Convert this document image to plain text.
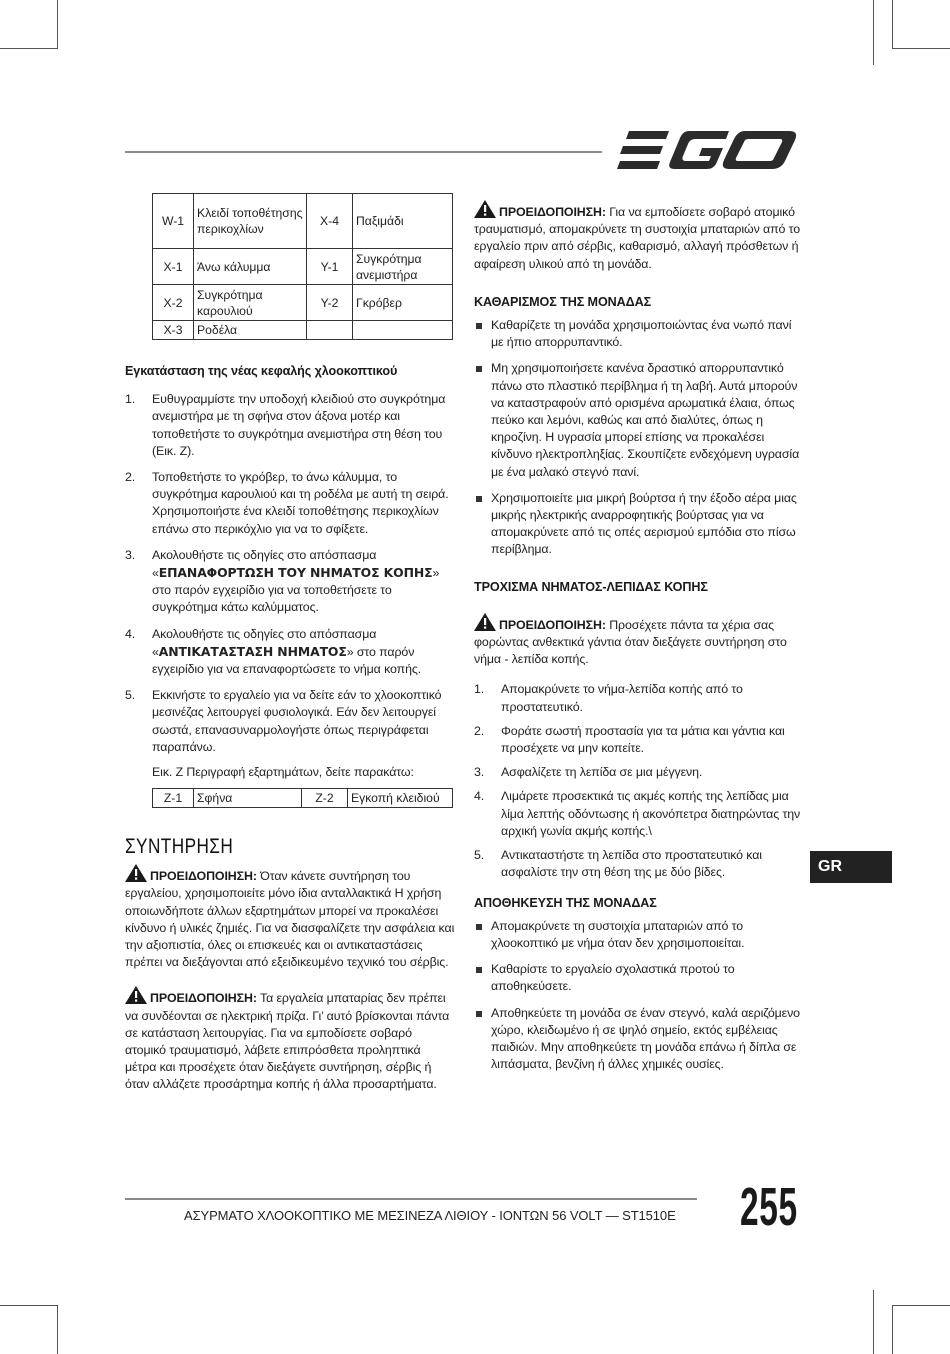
W-1	Κλειδί τοποθέτησης περικοχλίων	X-4	Παξιμάδι
X-1	Άνω κάλυμμα	Y-1	Συγκρότημα ανεμιστήρα
X-2	Συγκρότημα καρουλιού	Y-2	Γκρόβερ
X-3	Ροδέλα		

Εγκατάσταση της νέας κεφαλής χλοοκοπτικού

1. Ευθυγραμμίστε την υποδοχή κλειδιού στο συγκρότημα ανεμιστήρα με τη σφήνα στον άξονα μοτέρ και τοποθετήστε το συγκρότημα ανεμιστήρα στη θέση του (Εικ. Z).
2. Τοποθετήστε το γκρόβερ, το άνω κάλυμμα, το συγκρότημα καρουλιού και τη ροδέλα με αυτή τη σειρά. Χρησιμοποιήστε ένα κλειδί τοποθέτησης περικοχλίων επάνω στο περικόχλιο για να το σφίξετε.
3. Ακολουθήστε τις οδηγίες στο απόσπασμα «ΕΠΑΝΑΦΟΡΤΩΣΗ ΤΟΥ ΝΗΜΑΤΟΣ ΚΟΠΗΣ» στο παρόν εγχειρίδιο για να τοποθετήσετε το συγκρότημα κάτω καλύμματος.
4. Ακολουθήστε τις οδηγίες στο απόσπασμα «ΑΝΤΙΚΑΤΑΣΤΑΣΗ ΝΗΜΑΤΟΣ» στο παρόν εγχειρίδιο για να επαναφορτώσετε το νήμα κοπής.
5. Εκκινήστε το εργαλείο για να δείτε εάν το χλοοκοπτικό μεσινέζας λειτουργεί φυσιολογικά. Εάν δεν λειτουργεί σωστά, επανασυναρμολογήστε όπως περιγράφεται παραπάνω.

Εικ. Z Περιγραφή εξαρτημάτων, δείτε παρακάτω:

Z-1	Σφήνα	Z-2	Εγκοπή κλειδιού

ΣΥΝΤΗΡΗΣΗ

ΠΡΟΕΙΔΟΠΟΙΗΣΗ: Όταν κάνετε συντήρηση του εργαλείου, χρησιμοποιείτε μόνο ίδια ανταλλακτικά Η χρήση οποιωνδήποτε άλλων εξαρτημάτων μπορεί να προκαλέσει κίνδυνο ή υλικές ζημιές. Για να διασφαλίζετε την ασφάλεια και την αξιοπιστία, όλες οι επισκευές και οι αντικαταστάσεις πρέπει να διεξάγονται από εξειδικευμένο τεχνικό του σέρβις.

ΠΡΟΕΙΔΟΠΟΙΗΣΗ: Τα εργαλεία μπαταρίας δεν πρέπει να συνδέονται σε ηλεκτρική πρίζα. Γι’ αυτό βρίσκονται πάντα σε κατάσταση λειτουργίας. Για να εμποδίσετε σοβαρό ατομικό τραυματισμό, λάβετε επιπρόσθετα προληπτικά μέτρα και προσέχετε όταν διεξάγετε συντήρηση, σέρβις ή όταν αλλάζετε προσάρτημα κοπής ή άλλα προσαρτήματα.

ΠΡΟΕΙΔΟΠΟΙΗΣΗ: Για να εμποδίσετε σοβαρό ατομικό τραυματισμό, απομακρύνετε τη συστοιχία μπαταριών από το εργαλείο πριν από σέρβις, καθαρισμό, αλλαγή πρόσθετων ή αφαίρεση υλικού από τη μονάδα.

ΚΑΘΑΡΙΣΜΟΣ ΤΗΣ ΜΟΝΑΔΑΣ

Καθαρίζετε τη μονάδα χρησιμοποιώντας ένα νωπό πανί με ήπιο απορρυπαντικό.
Μη χρησιμοποιήσετε κανένα δραστικό απορρυπαντικό πάνω στο πλαστικό περίβλημα ή τη λαβή. Αυτά μπορούν να καταστραφούν από ορισμένα αρωματικά έλαια, όπως πεύκο και λεμόνι, καθώς και από διαλύτες, όπως η κηροζίνη. Η υγρασία μπορεί επίσης να προκαλέσει κίνδυνο ηλεκτροπληξίας. Σκουπίζετε ενδεχόμενη υγρασία με ένα μαλακό στεγνό πανί.
Χρησιμοποιείτε μια μικρή βούρτσα ή την έξοδο αέρα μιας μικρής ηλεκτρικής αναρροφητικής βούρτσας για να απομακρύνετε από τις οπές αερισμού εμπόδια στο πίσω περίβλημα.

ΤΡΟΧΙΣΜΑ ΝΗΜΑΤΟΣ-ΛΕΠΙΔΑΣ ΚΟΠΗΣ

ΠΡΟΕΙΔΟΠΟΙΗΣΗ: Προσέχετε πάντα τα χέρια σας φορώντας ανθεκτικά γάντια όταν διεξάγετε συντήρηση στο νήμα - λεπίδα κοπής.

1. Απομακρύνετε το νήμα-λεπίδα κοπής από το προστατευτικό.
2. Φοράτε σωστή προστασία για τα μάτια και γάντια και προσέχετε να μην κοπείτε.
3. Ασφαλίζετε τη λεπίδα σε μια μέγγενη.
4. Λιμάρετε προσεκτικά τις ακμές κοπής της λεπίδας μια λίμα λεπτής οδόντωσης ή ακονόπετρα διατηρώντας την αρχική γωνία ακμής κοπής.\
5. Αντικαταστήστε τη λεπίδα στο προστατευτικό και ασφαλίστε την στη θέση της με δύο βίδες.

ΑΠΟΘΗΚΕΥΣΗ ΤΗΣ ΜΟΝΑΔΑΣ

Απομακρύνετε τη συστοιχία μπαταριών από το χλοοκοπτικό με νήμα όταν δεν χρησιμοποιείται.
Καθαρίστε το εργαλείο σχολαστικά προτού το αποθηκεύσετε.
Αποθηκεύετε τη μονάδα σε έναν στεγνό, καλά αεριζόμενο χώρο, κλειδωμένο ή σε ψηλό σημείο, εκτός εμβέλειας παιδιών. Μην αποθηκεύετε τη μονάδα επάνω ή δίπλα σε λιπάσματα, βενζίνη ή άλλες χημικές ουσίες.
GR
ΑΣΥΡΜΑΤΟ ΧΛΟΟΚΟΠΤΙΚΟ ΜΕ ΜΕΣΙΝΕΖΑ ΛΙΘΙΟΥ - ΙΟΝΤΩΝ 56 VOLT — ST1510E 255
